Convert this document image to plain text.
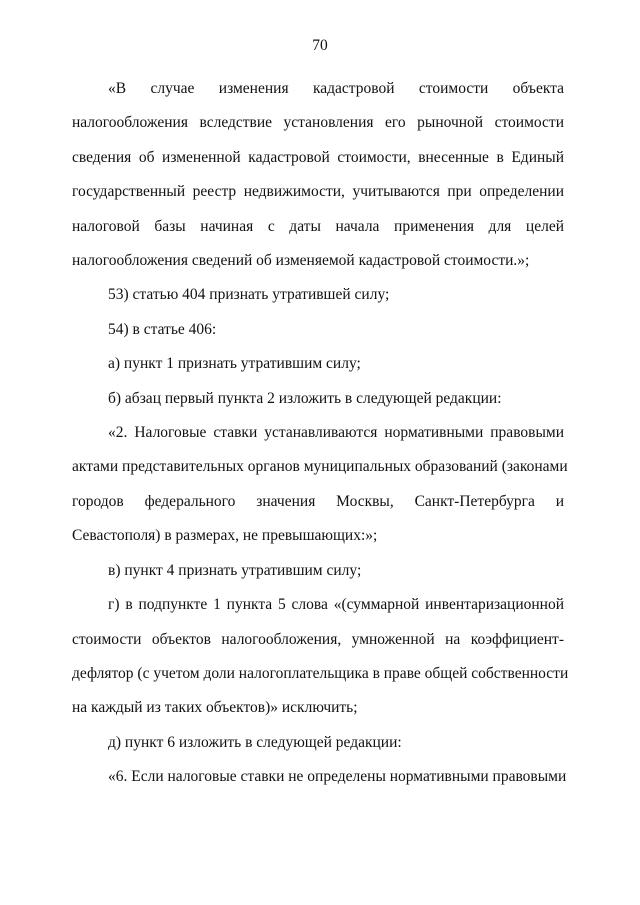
70
«В случае изменения кадастровой стоимости объекта
налогообложения вследствие установления его рыночной стоимости
сведения об измененной кадастровой стоимости, внесенные в Единый
государственный реестр недвижимости, учитываются при определении
налоговой базы начиная с даты начала применения для целей
налогообложения сведений об изменяемой кадастровой стоимости.»;
53) статью 404 признать утратившей силу;
54) в статье 406:
а) пункт 1 признать утратившим силу;
б) абзац первый пункта 2 изложить в следующей редакции:
«2. Налоговые ставки устанавливаются нормативными правовыми
актами представительных органов муниципальных образований (законами
городов федерального значения Москвы, Санкт-Петербурга и
Севастополя) в размерах, не превышающих:»;
в) пункт 4 признать утратившим силу;
г) в подпункте 1 пункта 5 слова «(суммарной инвентаризационной
стоимости объектов налогообложения, умноженной на коэффициент-
дефлятор (с учетом доли налогоплательщика в праве общей собственности
на каждый из таких объектов)» исключить;
д) пункт 6 изложить в следующей редакции:
«6. Если налоговые ставки не определены нормативными правовыми
